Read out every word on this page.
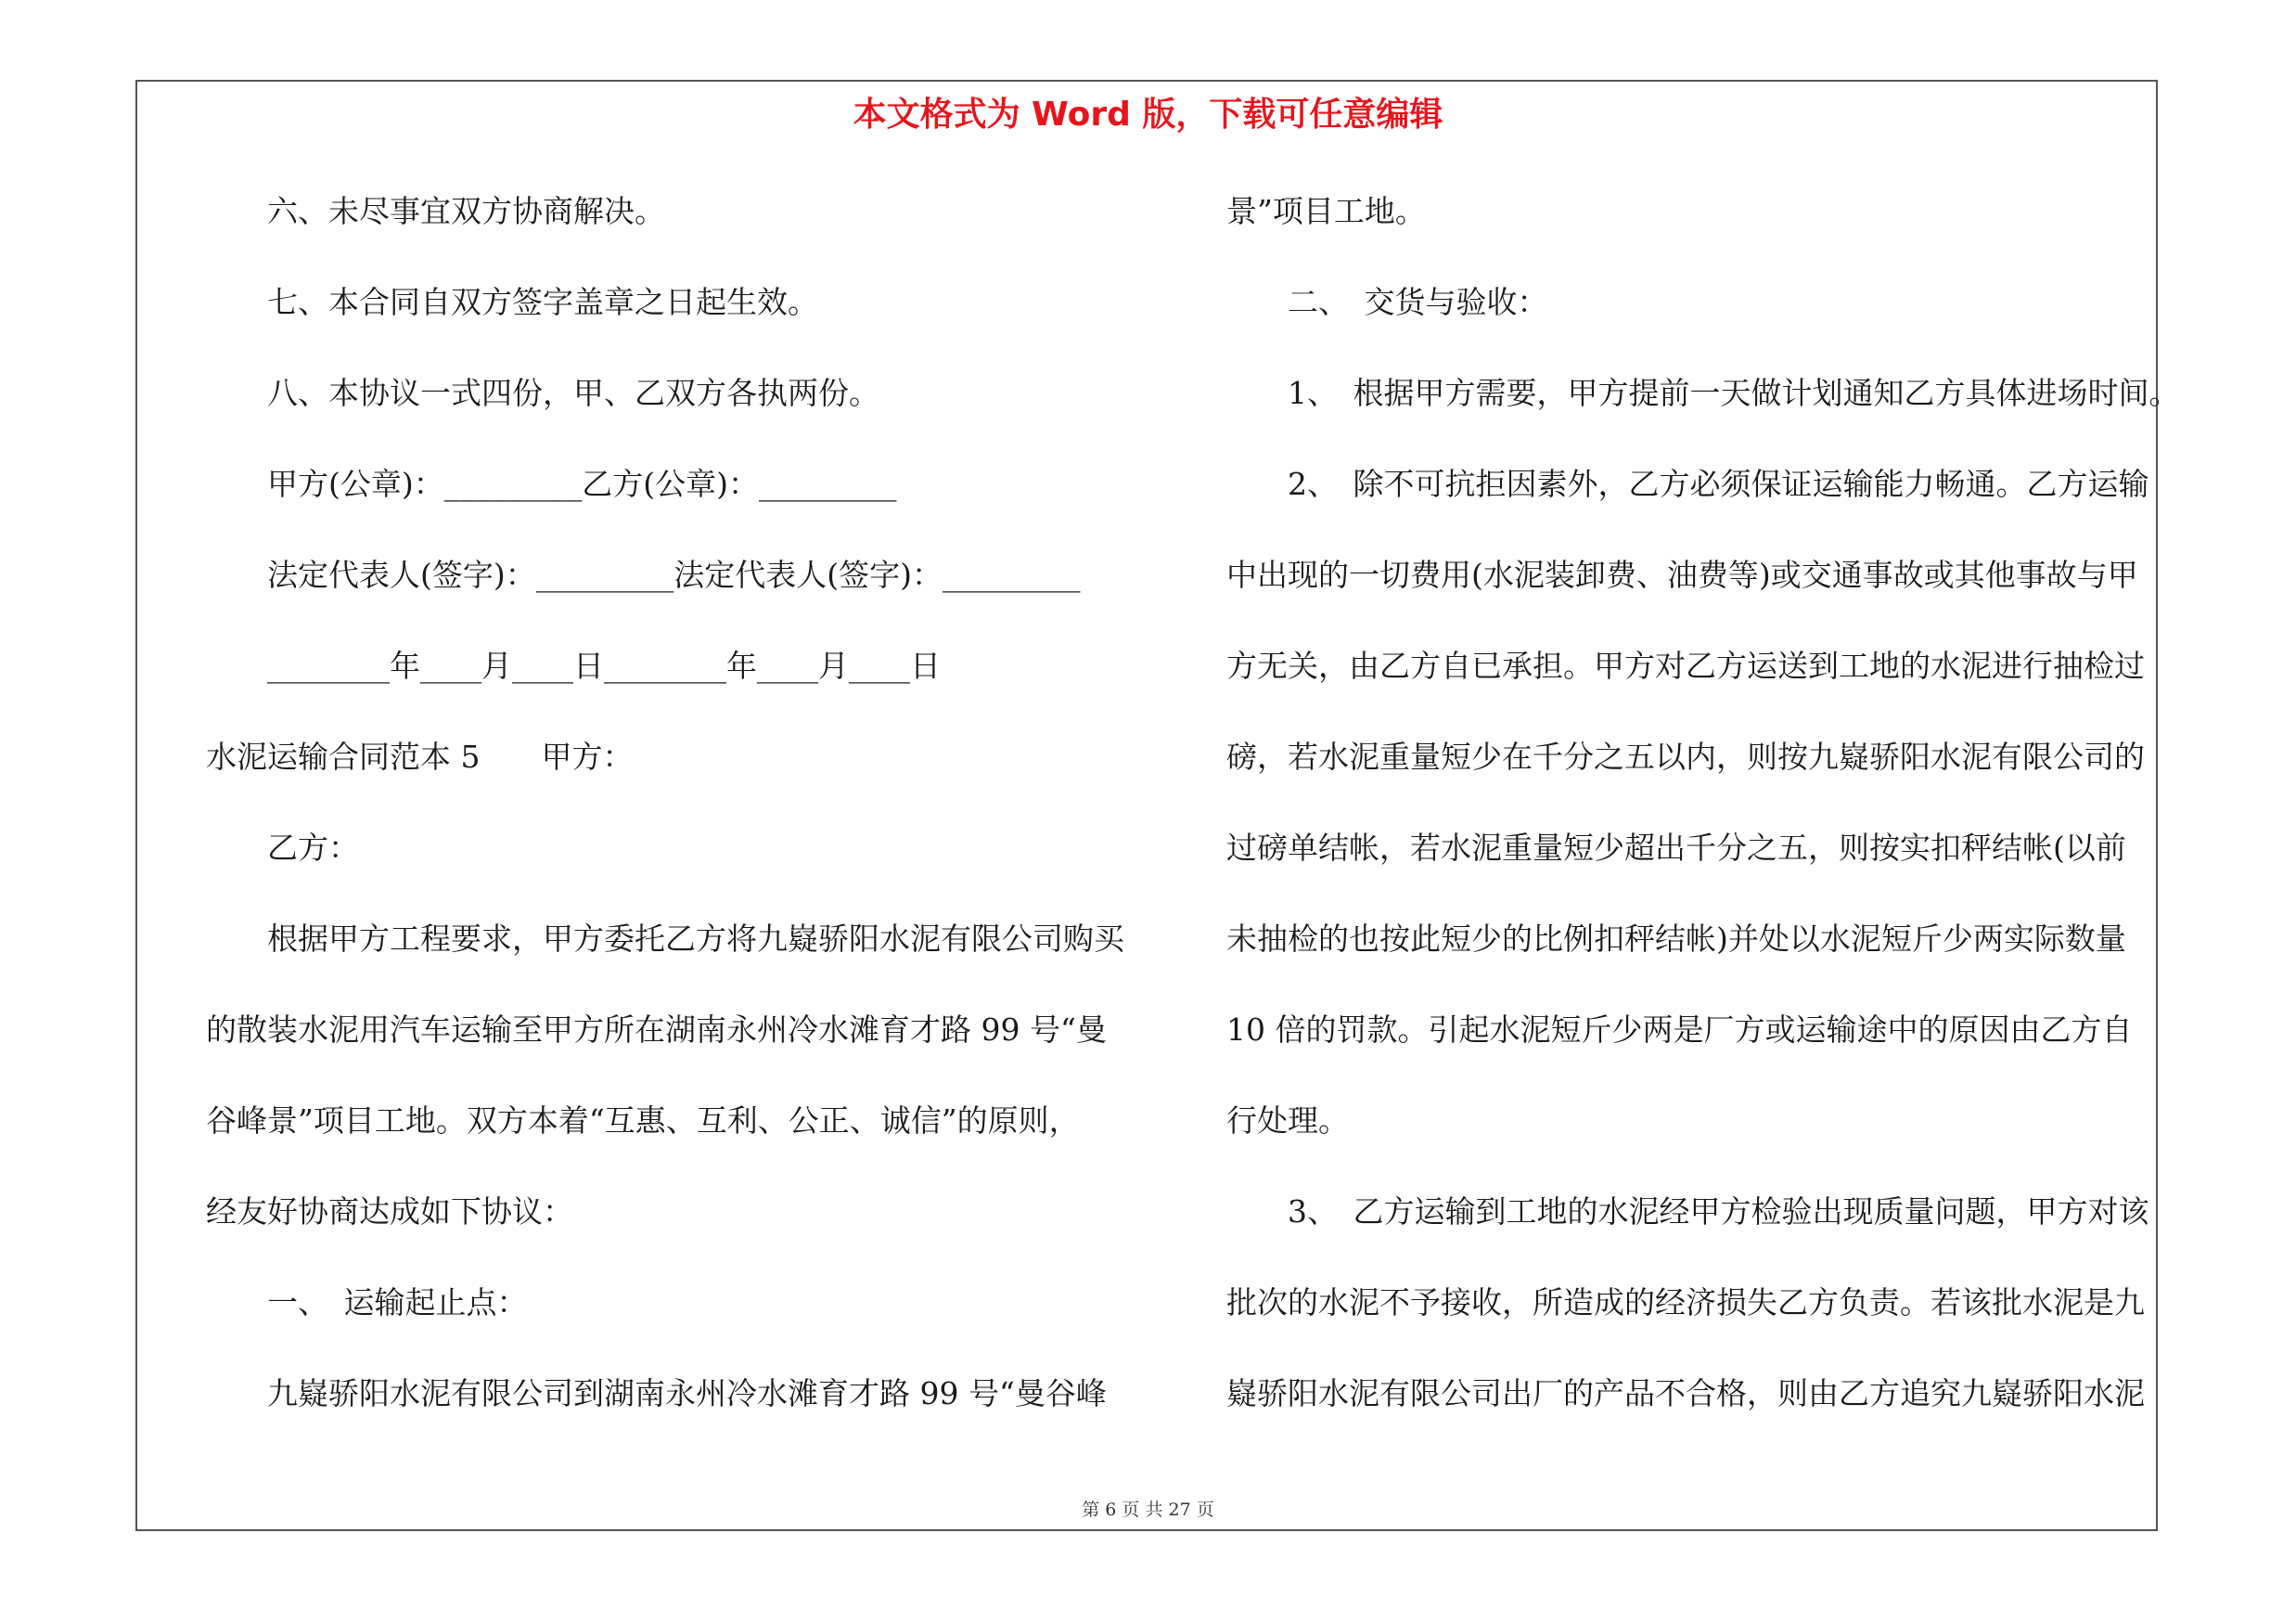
本文格式为 Word 版，下载可任意编辑
六、未尽事宜双方协商解决。
七、本合同自双方签字盖章之日起生效。
八、本协议一式四份，甲、乙双方各执两份。
甲方(公章)：_________乙方(公章)：_________
法定代表人(签字)：_________法定代表人(签字)：_________
________年____月____日________年____月____日
水泥运输合同范本 5　　甲方：
乙方：
根据甲方工程要求，甲方委托乙方将九嶷骄阳水泥有限公司购买
的散装水泥用汽车运输至甲方所在湖南永州冷水滩育才路 99 号“曼
谷峰景”项目工地。双方本着“互惠、互利、公正、诚信”的原则，
经友好协商达成如下协议：
一、　运输起止点：
九嶷骄阳水泥有限公司到湖南永州冷水滩育才路 99 号“曼谷峰
景”项目工地。
二、　交货与验收：
1、　根据甲方需要，甲方提前一天做计划通知乙方具体进场时间。
2、　除不可抗拒因素外，乙方必须保证运输能力畅通。乙方运输
中出现的一切费用(水泥装卸费、油费等)或交通事故或其他事故与甲
方无关，由乙方自已承担。甲方对乙方运送到工地的水泥进行抽检过
磅，若水泥重量短少在千分之五以内，则按九嶷骄阳水泥有限公司的
过磅单结帐，若水泥重量短少超出千分之五，则按实扣秤结帐(以前
未抽检的也按此短少的比例扣秤结帐)并处以水泥短斤少两实际数量
10 倍的罚款。引起水泥短斤少两是厂方或运输途中的原因由乙方自
行处理。
3、　乙方运输到工地的水泥经甲方检验出现质量问题，甲方对该
批次的水泥不予接收，所造成的经济损失乙方负责。若该批水泥是九
嶷骄阳水泥有限公司出厂的产品不合格，则由乙方追究九嶷骄阳水泥
第 6 页 共 27 页
